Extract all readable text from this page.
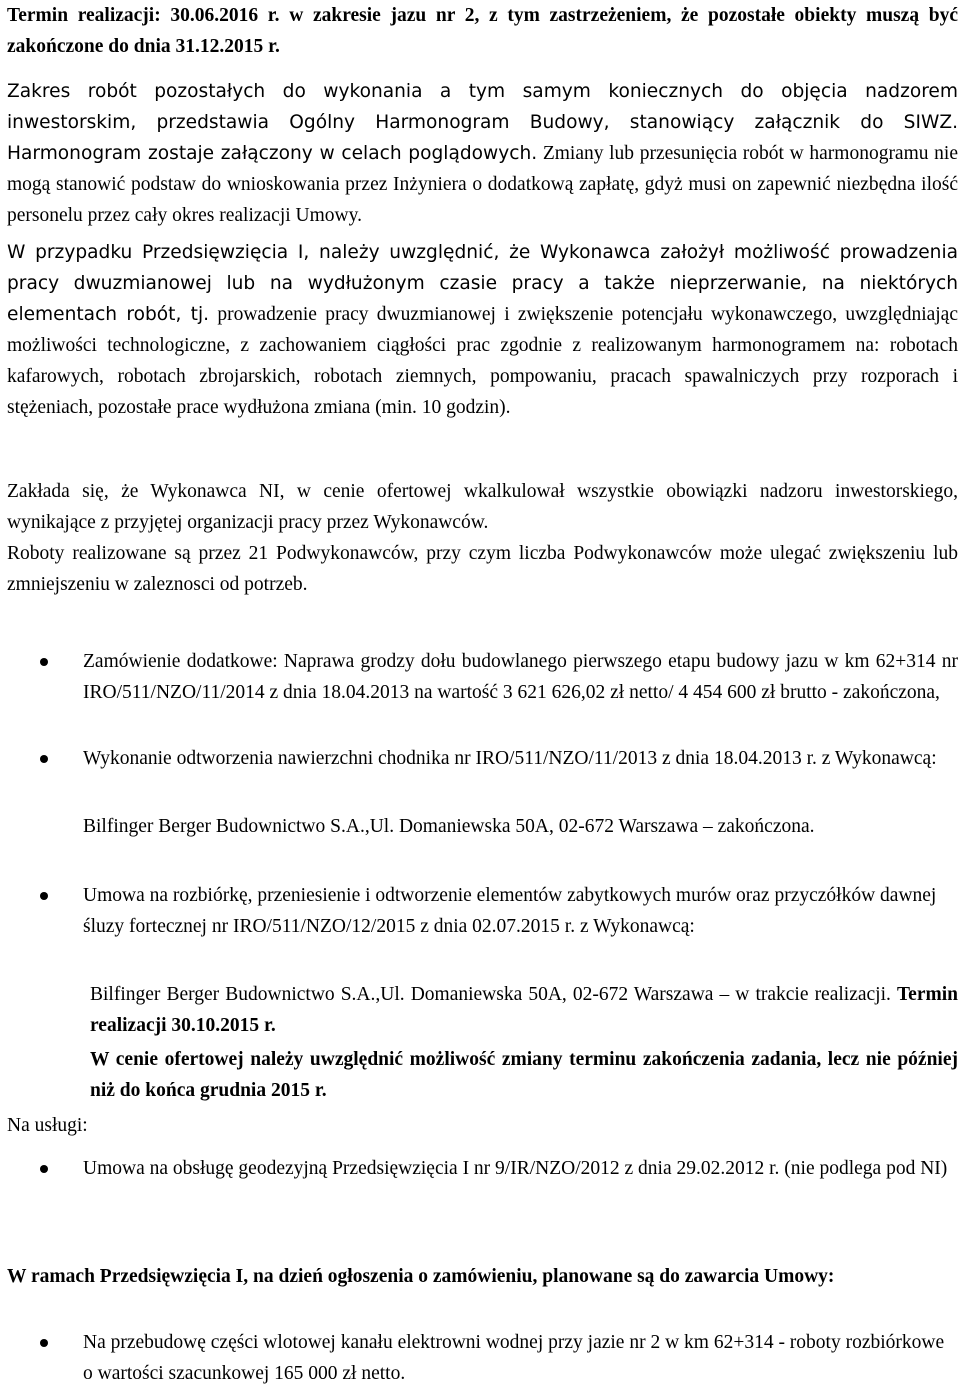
Termin realizacji: 30.06.2016 r. w zakresie jazu nr 2, z tym zastrzeżeniem, że pozostałe obiekty muszą być zakończone do dnia 31.12.2015 r.

Zakres robót pozostałych do wykonania a tym samym koniecznych do objęcia nadzorem inwestorskim, przedstawia Ogólny Harmonogram Budowy, stanowiący załącznik do SIWZ. Harmonogram zostaje załączony w celach poglądowych. Zmiany lub przesunięcia robót w harmonogramu nie mogą stanowić podstaw do wnioskowania przez Inżyniera o dodatkową zapłatę, gdyż musi on zapewnić niezbędna ilość personelu przez cały okres realizacji Umowy.

W przypadku Przedsięwzięcia I, należy uwzględnić, że Wykonawca założył możliwość prowadzenia pracy dwuzmianowej lub na wydłużonym czasie pracy a także nieprzerwanie, na niektórych elementach robót, tj. prowadzenie pracy dwuzmianowej i zwiększenie potencjału wykonawczego, uwzględniając możliwości technologiczne, z zachowaniem ciągłości prac zgodnie z realizowanym harmonogramem na: robotach kafarowych, robotach zbrojarskich, robotach ziemnych, pompowaniu, pracach spawalniczych przy rozporach i stężeniach, pozostałe prace wydłużona zmiana (min. 10 godzin).

Zakłada się, że Wykonawca NI, w cenie ofertowej wkalkulował wszystkie obowiązki nadzoru inwestorskiego, wynikające z przyjętej organizacji pracy przez Wykonawców.

Roboty realizowane są przez 21 Podwykonawców, przy czym liczba Podwykonawców może ulegać zwiększeniu lub zmniejszeniu w zaleznosci od potrzeb.

Zamówienie dodatkowe: Naprawa grodzy dołu budowlanego pierwszego etapu budowy jazu w km 62+314 nr IRO/511/NZO/11/2014 z dnia 18.04.2013 na wartość 3 621 626,02 zł netto/ 4 454 600 zł brutto - zakończona,

Wykonanie odtworzenia nawierzchni chodnika nr IRO/511/NZO/11/2013 z dnia 18.04.2013 r. z Wykonawcą:

Bilfinger Berger Budownictwo S.A.,Ul. Domaniewska 50A, 02-672 Warszawa – zakończona.

Umowa na rozbiórkę, przeniesienie i odtworzenie elementów zabytkowych murów oraz przyczółków dawnej śluzy fortecznej nr IRO/511/NZO/12/2015 z dnia 02.07.2015 r. z Wykonawcą:

Bilfinger Berger Budownictwo S.A.,Ul. Domaniewska 50A, 02-672 Warszawa – w trakcie realizacji. Termin realizacji 30.10.2015 r.

W cenie ofertowej należy uwzględnić możliwość zmiany terminu zakończenia zadania, lecz nie później niż do końca grudnia 2015 r.

Na usługi:

Umowa na obsługę geodezyjną Przedsięwzięcia I nr 9/IR/NZO/2012 z dnia 29.02.2012 r. (nie podlega pod NI)

W ramach Przedsięwzięcia I, na dzień ogłoszenia o zamówieniu, planowane są do zawarcia Umowy:

Na przebudowę części wlotowej kanału elektrowni wodnej przy jazie nr 2 w km 62+314 - roboty rozbiórkowe o wartości szacunkowej 165 000 zł netto.
